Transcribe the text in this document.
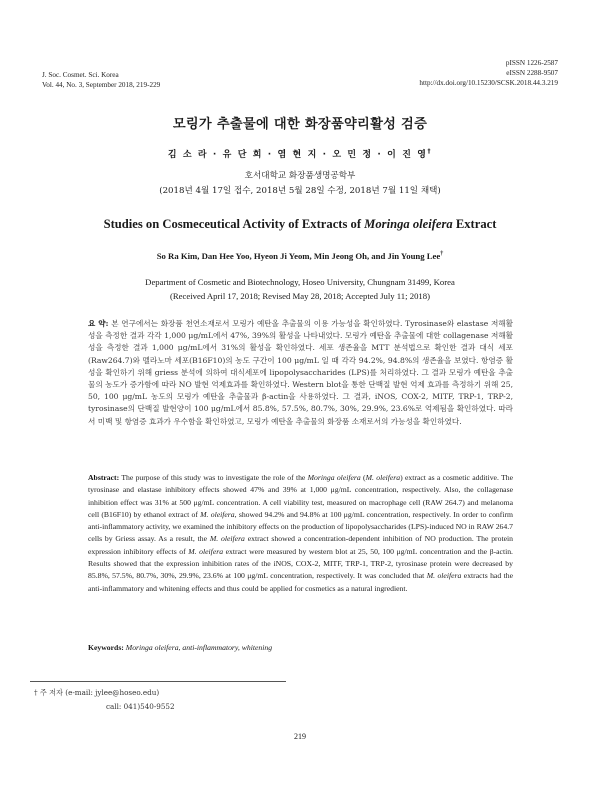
J. Soc. Cosmet. Sci. Korea
Vol. 44, No. 3, September 2018, 219-229
pISSN 1226-2587
eISSN 2288-9507
http://dx.doi.org/10.15230/SCSK.2018.44.3.219
모링가 추출물에 대한 화장품약리활성 검증
김 소 라 · 유 단 희 · 염 현 지 · 오 민 정 · 이 진 영†
호서대학교 화장품생명공학부
(2018년 4월 17일 접수, 2018년 5월 28일 수정, 2018년 7월 11일 채택)
Studies on Cosmeceutical Activity of Extracts of Moringa oleifera Extract
So Ra Kim, Dan Hee Yoo, Hyeon Ji Yeom, Min Jeong Oh, and Jin Young Lee†
Department of Cosmetic and Biotechnology, Hoseo University, Chungnam 31499, Korea
(Received April 17, 2018; Revised May 28, 2018; Accepted July 11; 2018)
요 약: 본 연구에서는 화장품 천연소재로서 모링가 예탄올 추출물의 이용 가능성을 확인하였다. Tyrosinase와 elastase 저해활성을 측정한 결과 각각 1,000 μg/mL에서 47%, 39%의 활성을 나타내었다. 모링가 예탄올 추출물에 대한 collagenase 저해활성을 측정한 결과 1,000 μg/mL에서 31%의 활성을 확인하였다. 세포 생존율을 MTT 분석법으로 확인한 결과 대식 세포(Raw264.7)와 멜라노마 세포(B16F10)의 농도 구간이 100 μg/mL 일 때 각각 94.2%, 94.8%의 생존율을 보였다. 항염증 활성을 확인하기 위해 griess 분석에 의하여 대식세포에 lipopolysaccharides (LPS)를 처리하였다. 그 결과 모링가 예탄올 추출물의 농도가 증가함에 따라 NO 발현 억제효과를 확인하였다. Western blot을 통한 단백질 발현 억제 효과를 측정하기 위해 25, 50, 100 μg/mL 농도의 모링가 예탄올 추출물과 β-actin을 사용하였다. 그 결과, iNOS, COX-2, MITF, TRP-1, TRP-2, tyrosinase의 단백질 발현양이 100 μg/mL에서 85.8%, 57.5%, 80.7%, 30%, 29.9%, 23.6%로 억제됨을 확인하였다. 따라서 미백 및 항염증 효과가 우수함을 확인하였고, 모링가 예탄올 추출물의 화장품 소재로서의 가능성을 확인하였다.
Abstract: The purpose of this study was to investigate the role of the Moringa oleifera (M. oleifera) extract as a cosmetic additive. The tyrosinase and elastase inhibitory effects showed 47% and 39% at 1,000 μg/mL concentration, respectively. Also, the collagenase inhibition effect was 31% at 500 μg/mL concentration. A cell viability test, measured on macrophage cell (RAW 264.7) and melanoma cell (B16F10) by ethanol extract of M. oleifera, showed 94.2% and 94.8% at 100 μg/mL concentration, respectively. In order to confirm anti-inflammatory activity, we examined the inhibitory effects on the production of lipopolysaccharides (LPS)-induced NO in RAW 264.7 cells by Griess assay. As a result, the M. oleifera extract showed a concentration-dependent inhibition of NO production. The protein expression inhibitory effects of M. oleifera extract were measured by western blot at 25, 50, 100 μg/mL concentration and the β-actin. Results showed that the expression inhibition rates of the iNOS, COX-2, MITF, TRP-1, TRP-2, tyrosinase protein were decreased by 85.8%, 57.5%, 80.7%, 30%, 29.9%, 23.6% at 100 μg/mL concentration, respectively. It was concluded that M. oleifera extracts had the anti-inflammatory and whitening effects and thus could be applied for cosmetics as a natural ingredient.
Keywords: Moringa oleifera, anti-inflammatory, whitening
† 주 저자 (e-mail: jylee@hoseo.edu)
call: 041)540-9552
219
